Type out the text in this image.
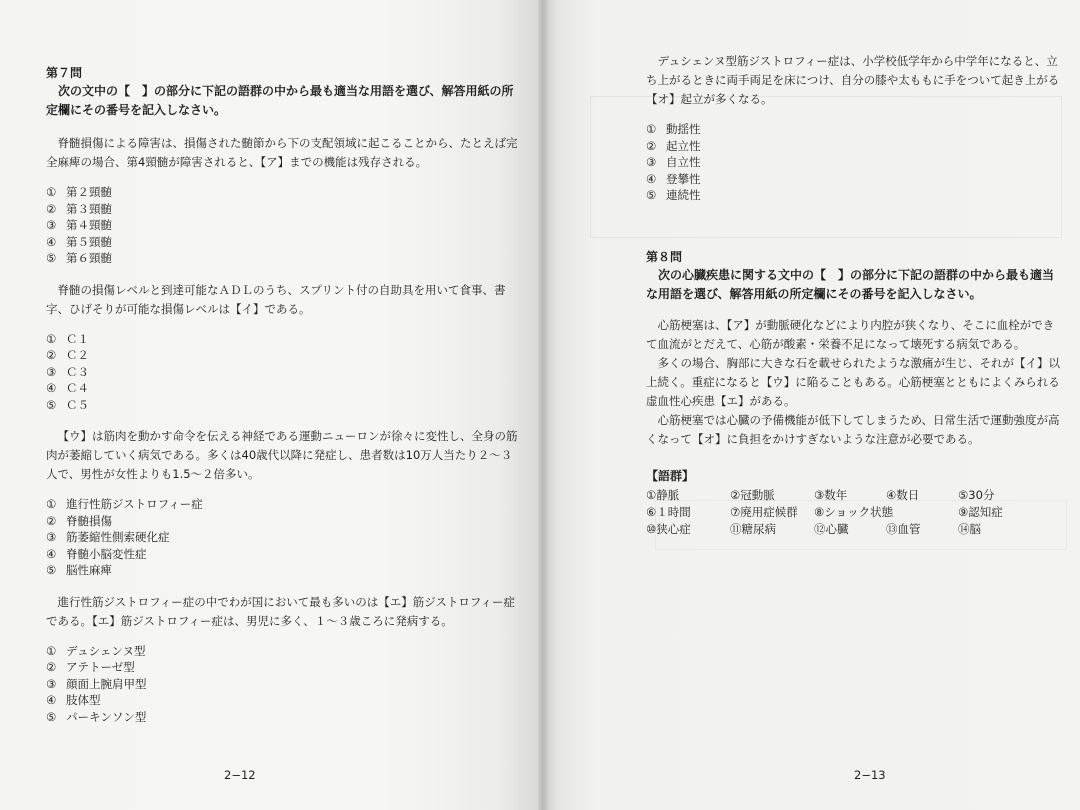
第７問

次の文中の【　】の部分に下記の語群の中から最も適当な用語を選び、解答用紙の所定欄にその番号を記入しなさい。

脊髄損傷による障害は、損傷された髄節から下の支配領域に起こることから、たとえば完全麻痺の場合、第4頸髄が障害されると、【ア】までの機能は残存される。

① 第２頸髄
② 第３頸髄
③ 第４頸髄
④ 第５頸髄
⑤ 第６頸髄

脊髄の損傷レベルと到達可能なＡＤＬのうち、スプリント付の自助具を用いて食事、書字、ひげそりが可能な損傷レベルは【イ】である。

① Ｃ１
② Ｃ２
③ Ｃ３
④ Ｃ４
⑤ Ｃ５

【ウ】は筋肉を動かす命令を伝える神経である運動ニューロンが徐々に変性し、全身の筋肉が萎縮していく病気である。多くは40歳代以降に発症し、患者数は10万人当たり２〜３人で、男性が女性よりも1.5〜２倍多い。

① 進行性筋ジストロフィー症
② 脊髄損傷
③ 筋萎縮性側索硬化症
④ 脊髄小脳変性症
⑤ 脳性麻痺

進行性筋ジストロフィー症の中でわが国において最も多いのは【エ】筋ジストロフィー症である。【エ】筋ジストロフィー症は、男児に多く、１〜３歳ころに発病する。

① デュシェンヌ型
② アテトーゼ型
③ 顔面上腕肩甲型
④ 肢体型
⑤ パーキンソン型
2−12

デュシェンヌ型筋ジストロフィー症は、小学校低学年から中学年になると、立ち上がるときに両手両足を床につけ、自分の膝や太ももに手をついて起き上がる【オ】起立が多くなる。

① 動揺性
② 起立性
③ 自立性
④ 登攀性
⑤ 連続性
第８問

次の心臓疾患に関する文中の【　】の部分に下記の語群の中から最も適当な用語を選び、解答用紙の所定欄にその番号を記入しなさい。

心筋梗塞は、【ア】が動脈硬化などにより内腔が狭くなり、そこに血栓ができて血流がとだえて、心筋が酸素・栄養不足になって壊死する病気である。

多くの場合、胸部に大きな石を載せられたような激痛が生じ、それが【イ】以上続く。重症になると【ウ】に陥ることもある。心筋梗塞とともによくみられる虚血性心疾患【エ】がある。

心筋梗塞では心臓の予備機能が低下してしまうため、日常生活で運動強度が高くなって【オ】に負担をかけすぎないような注意が必要である。

【語群】
①静脈	②冠動脈	③数年	④数日	⑤30分
⑥１時間	⑦廃用症候群	⑧ショック状態	⑨認知症
⑩狭心症	⑪糖尿病	⑫心臓	⑬血管	⑭脳
2−13
